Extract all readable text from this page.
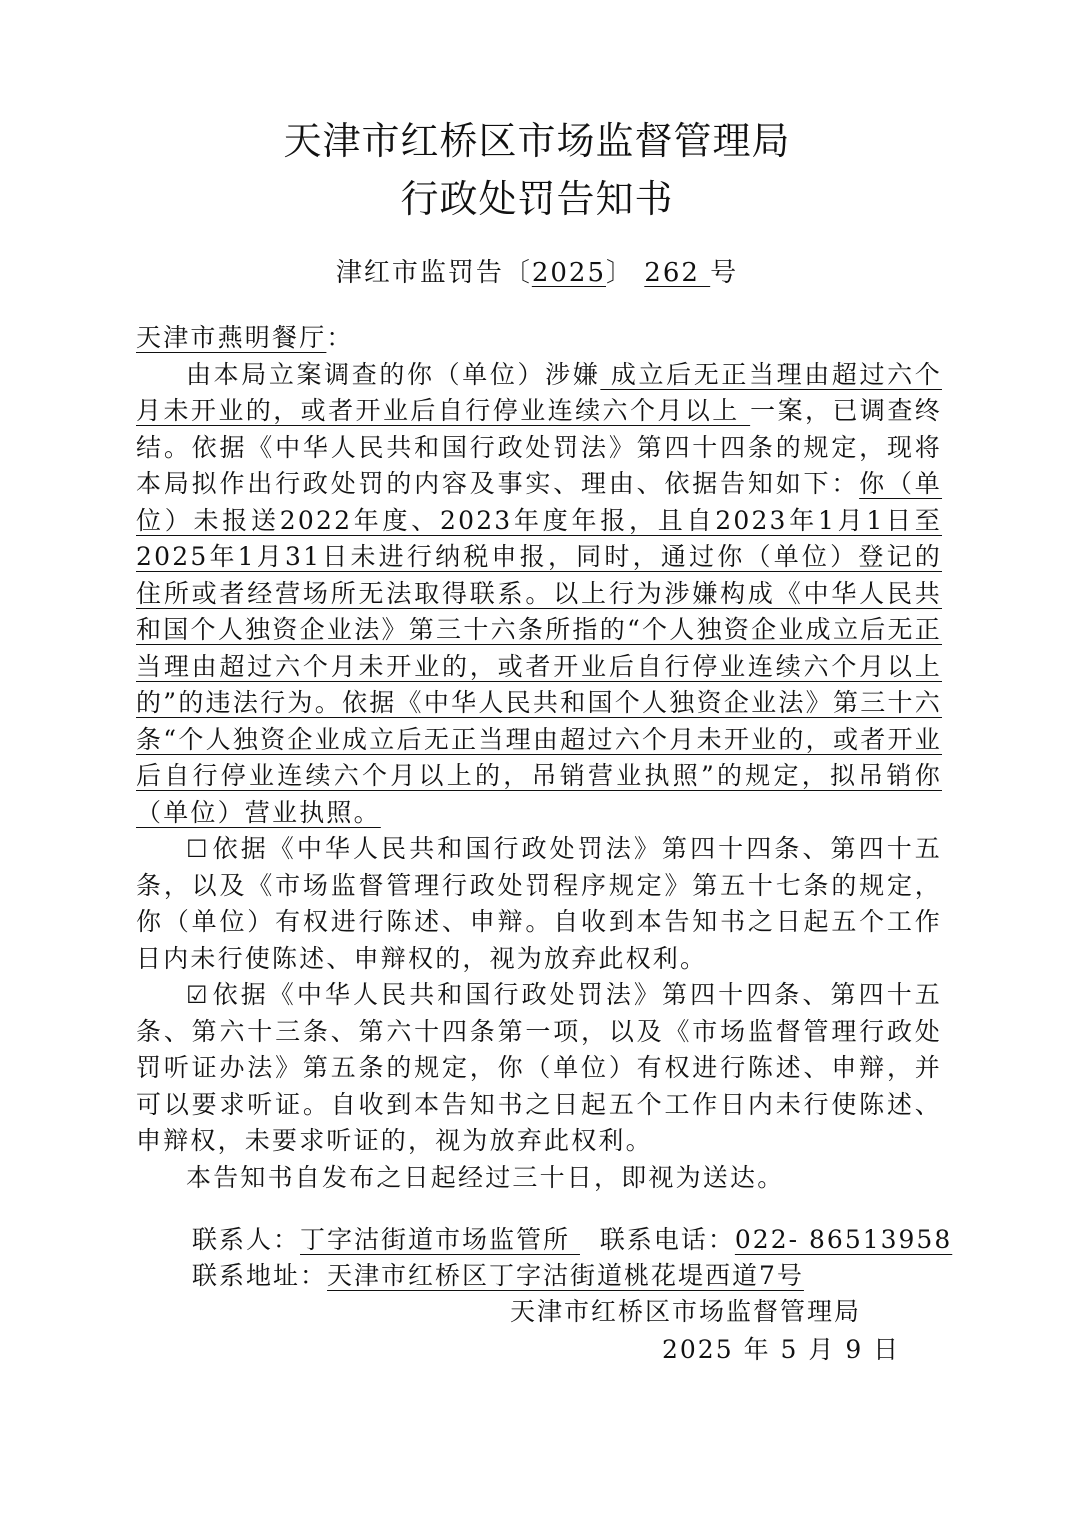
天津市红桥区市场监督管理局
行政处罚告知书
津红市监罚告〔2025〕 262 号

天津市燕明餐厅：

由本局立案调查的你（单位）涉嫌 成立后无正当理由超过六个月未开业的，或者开业后自行停业连续六个月以上 一案，已调查终结。依据《中华人民共和国行政处罚法》第四十四条的规定，现将本局拟作出行政处罚的内容及事实、理由、依据告知如下：你（单位）未报送2022年度、2023年度年报，且自2023年1月1日至2025年1月31日未进行纳税申报，同时，通过你（单位）登记的住所或者经营场所无法取得联系。以上行为涉嫌构成《中华人民共和国个人独资企业法》第三十六条所指的“个人独资企业成立后无正当理由超过六个月未开业的，或者开业后自行停业连续六个月以上的”的违法行为。依据《中华人民共和国个人独资企业法》第三十六条“个人独资企业成立后无正当理由超过六个月未开业的，或者开业后自行停业连续六个月以上的，吊销营业执照”的规定，拟吊销你（单位）营业执照。

☐依据《中华人民共和国行政处罚法》第四十四条、第四十五条，以及《市场监督管理行政处罚程序规定》第五十七条的规定，你（单位）有权进行陈述、申辩。自收到本告知书之日起五个工作日内未行使陈述、申辩权的，视为放弃此权利。

☑依据《中华人民共和国行政处罚法》第四十四条、第四十五条、第六十三条、第六十四条第一项，以及《市场监督管理行政处罚听证办法》第五条的规定，你（单位）有权进行陈述、申辩，并可以要求听证。自收到本告知书之日起五个工作日内未行使陈述、申辩权，未要求听证的，视为放弃此权利。

本告知书自发布之日起经过三十日，即视为送达。

联系人：丁字沽街道市场监管所   联系电话：022- 86513958
联系地址：天津市红桥区丁字沽街道桃花堤西道7号
天津市红桥区市场监督管理局
2025 年 5 月 9 日
